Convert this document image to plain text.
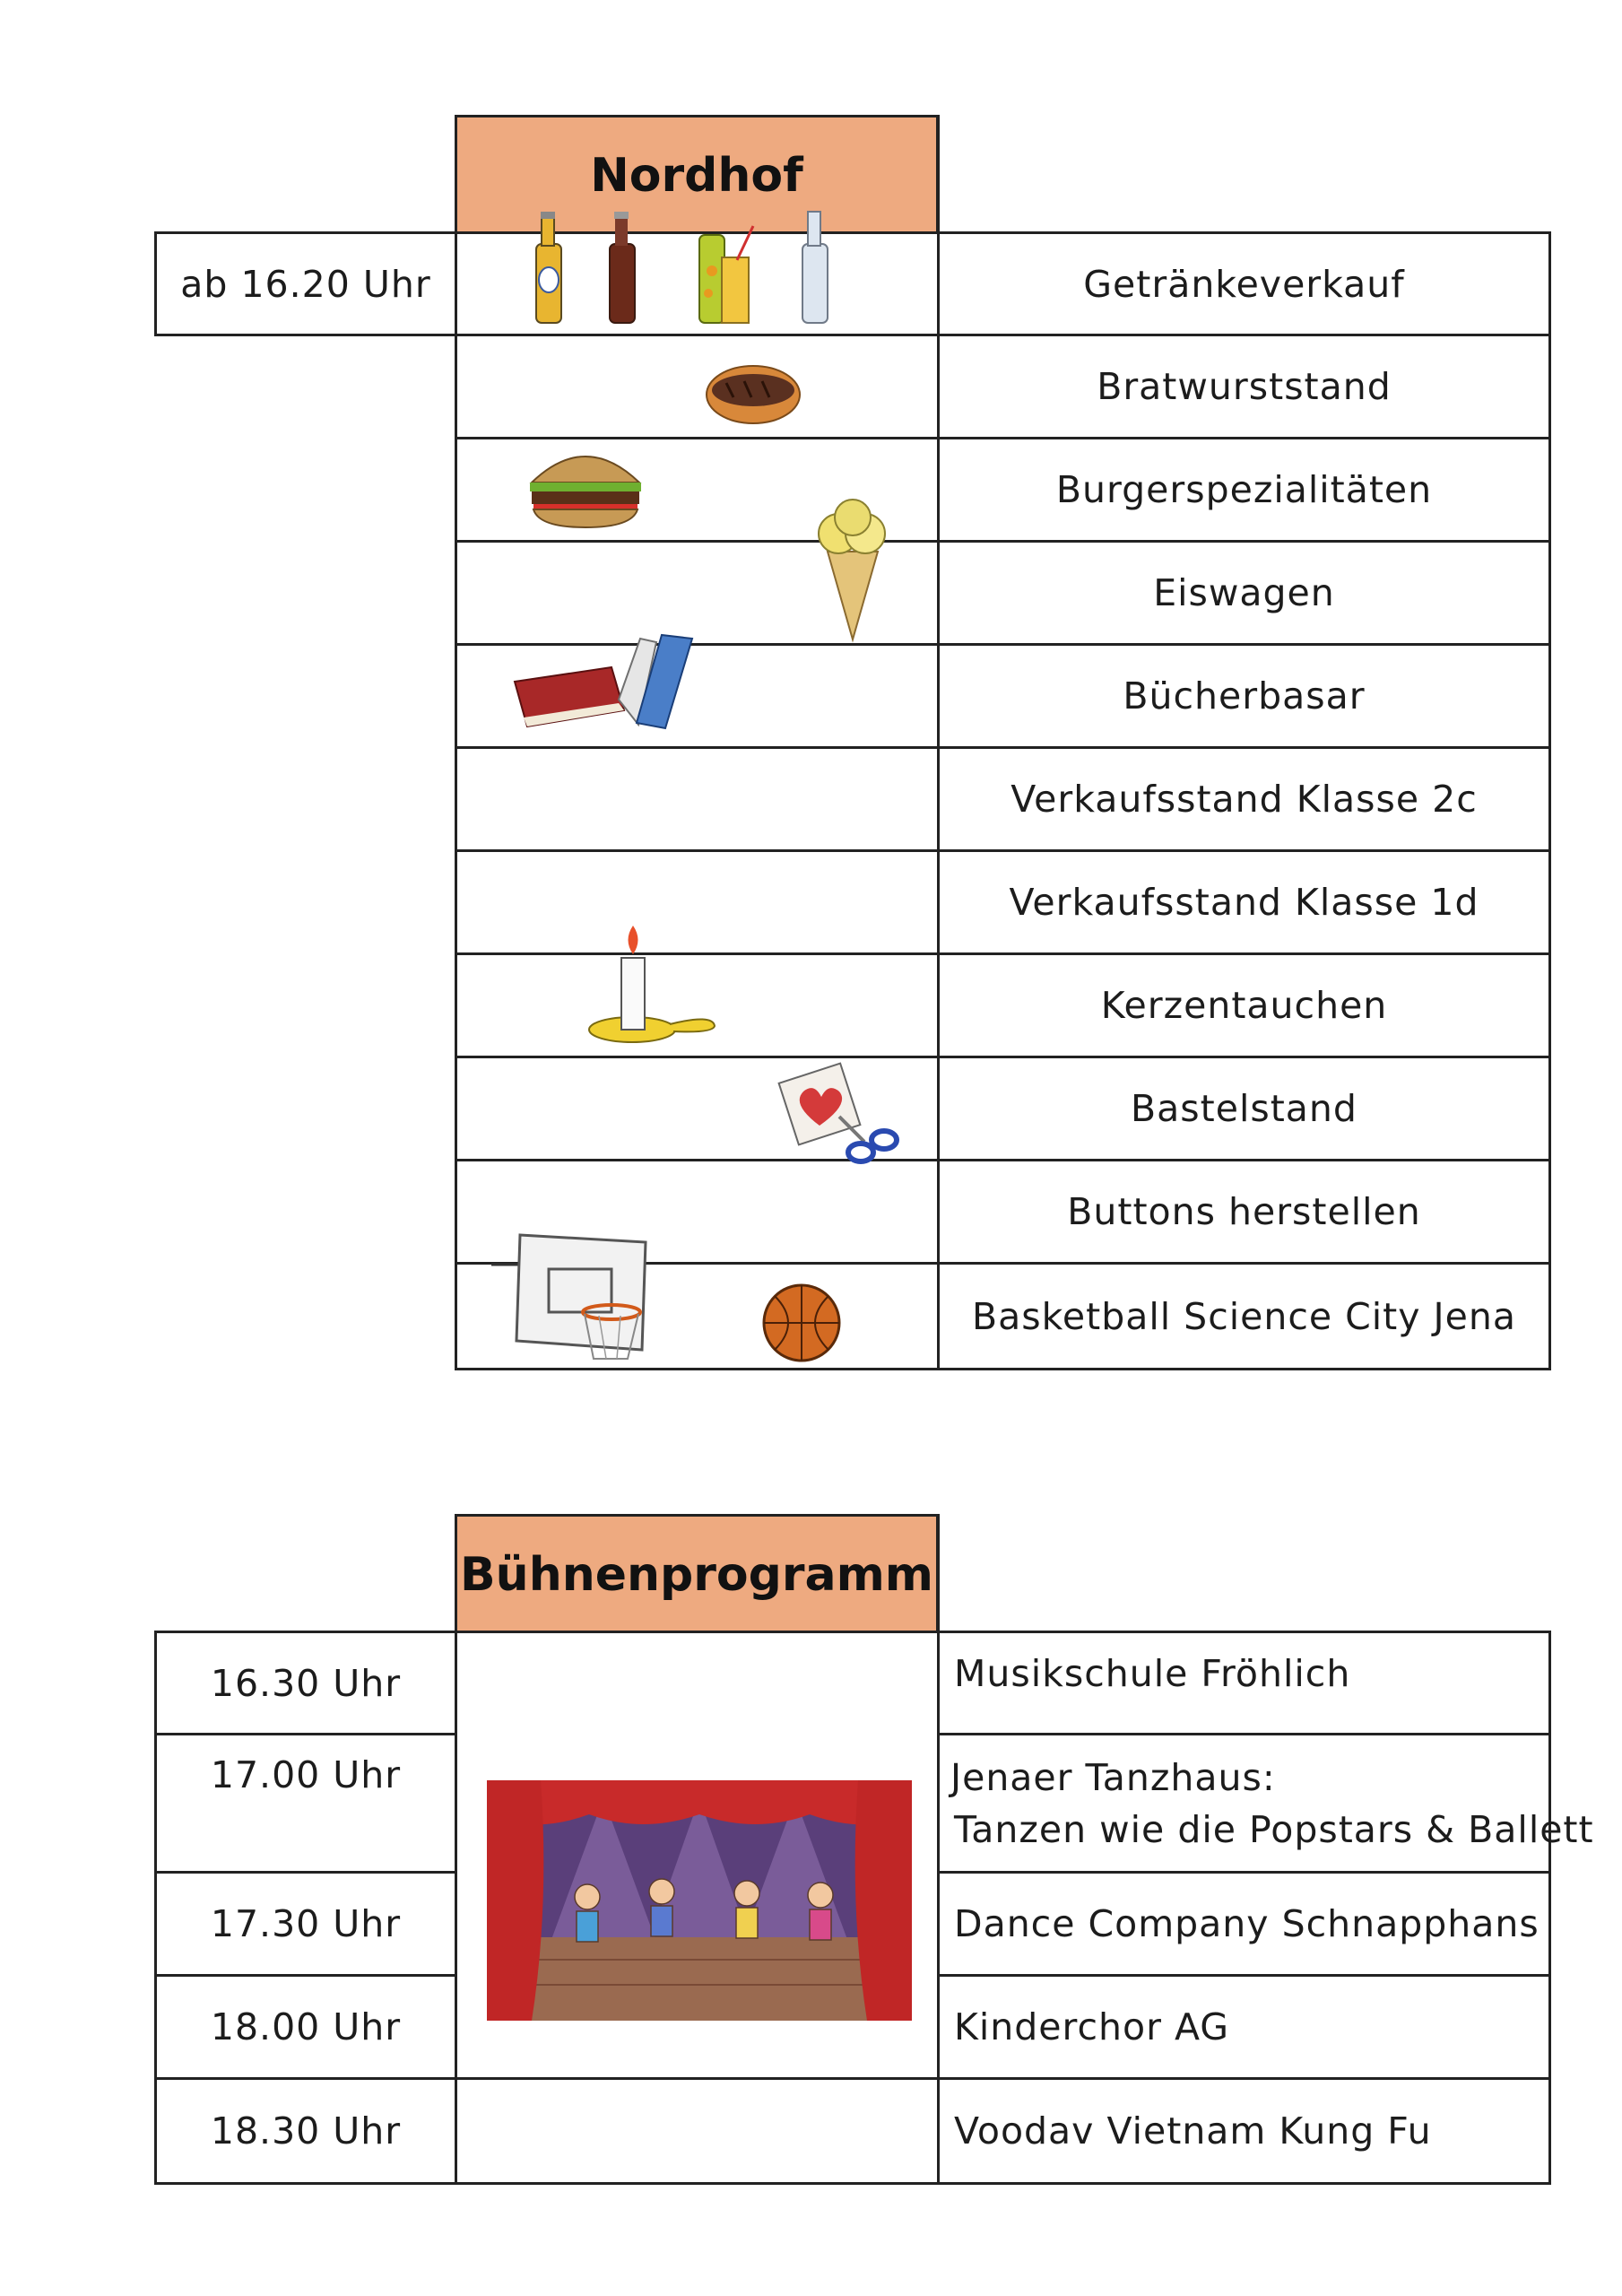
Nordhof
ab 16.20 Uhr	Getränkeverkauf
Bratwurststand
Burgerspezialitäten
Eiswagen
Bücherbasar
Verkaufsstand Klasse 2c
Verkaufsstand Klasse 1d
Kerzentauchen
Bastelstand
Buttons herstellen
Basketball Science City Jena
Bühnenprogramm
16.30 Uhr
17.00 Uhr
17.30 Uhr
18.00 Uhr
18.30 Uhr
Musikschule Fröhlich
Jenaer Tanzhaus:
Tanzen wie die Popstars & Ballett
Dance Company Schnapphans
Kinderchor AG
Voodav Vietnam Kung Fu
